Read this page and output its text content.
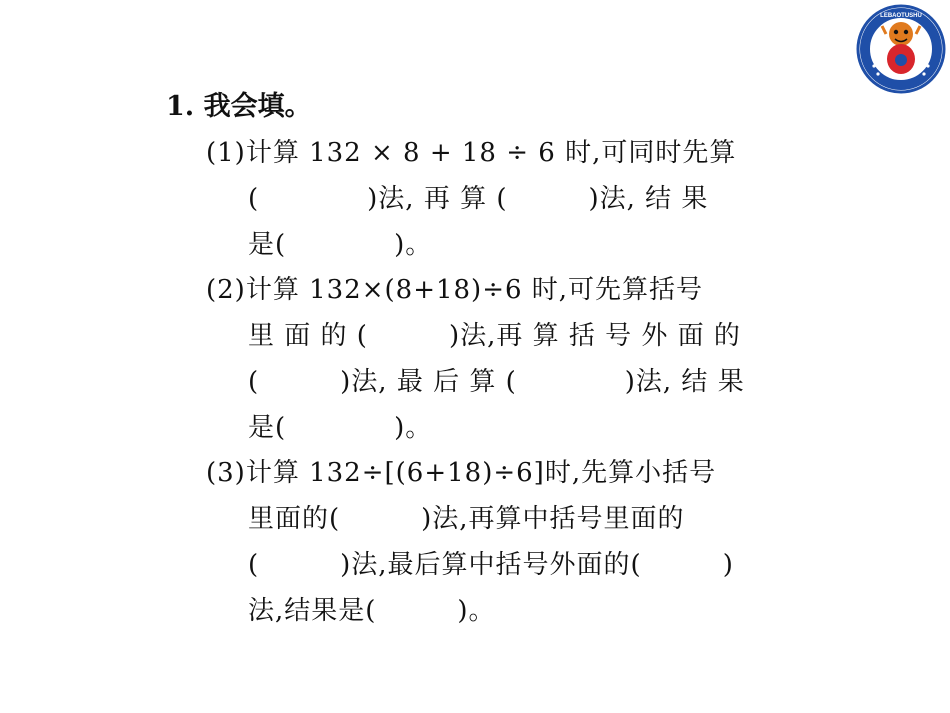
LEBAOTUSHU
1. 我会填。
(1)计算 132 × 8 + 18 ÷ 6 时,可同时先算
(　　　　)法, 再 算 (　　　)法, 结 果
是(　　　　)。
(2)计算 132×(8+18)÷6 时,可先算括号
里 面 的 (　　　)法,再 算 括 号 外 面 的
(　　　)法, 最 后 算 (　　　　)法, 结 果
是(　　　　)。
(3)计算 132÷[(6+18)÷6]时,先算小括号
里面的(　　　)法,再算中括号里面的
(　　　)法,最后算中括号外面的(　　　)
法,结果是(　　　)。
